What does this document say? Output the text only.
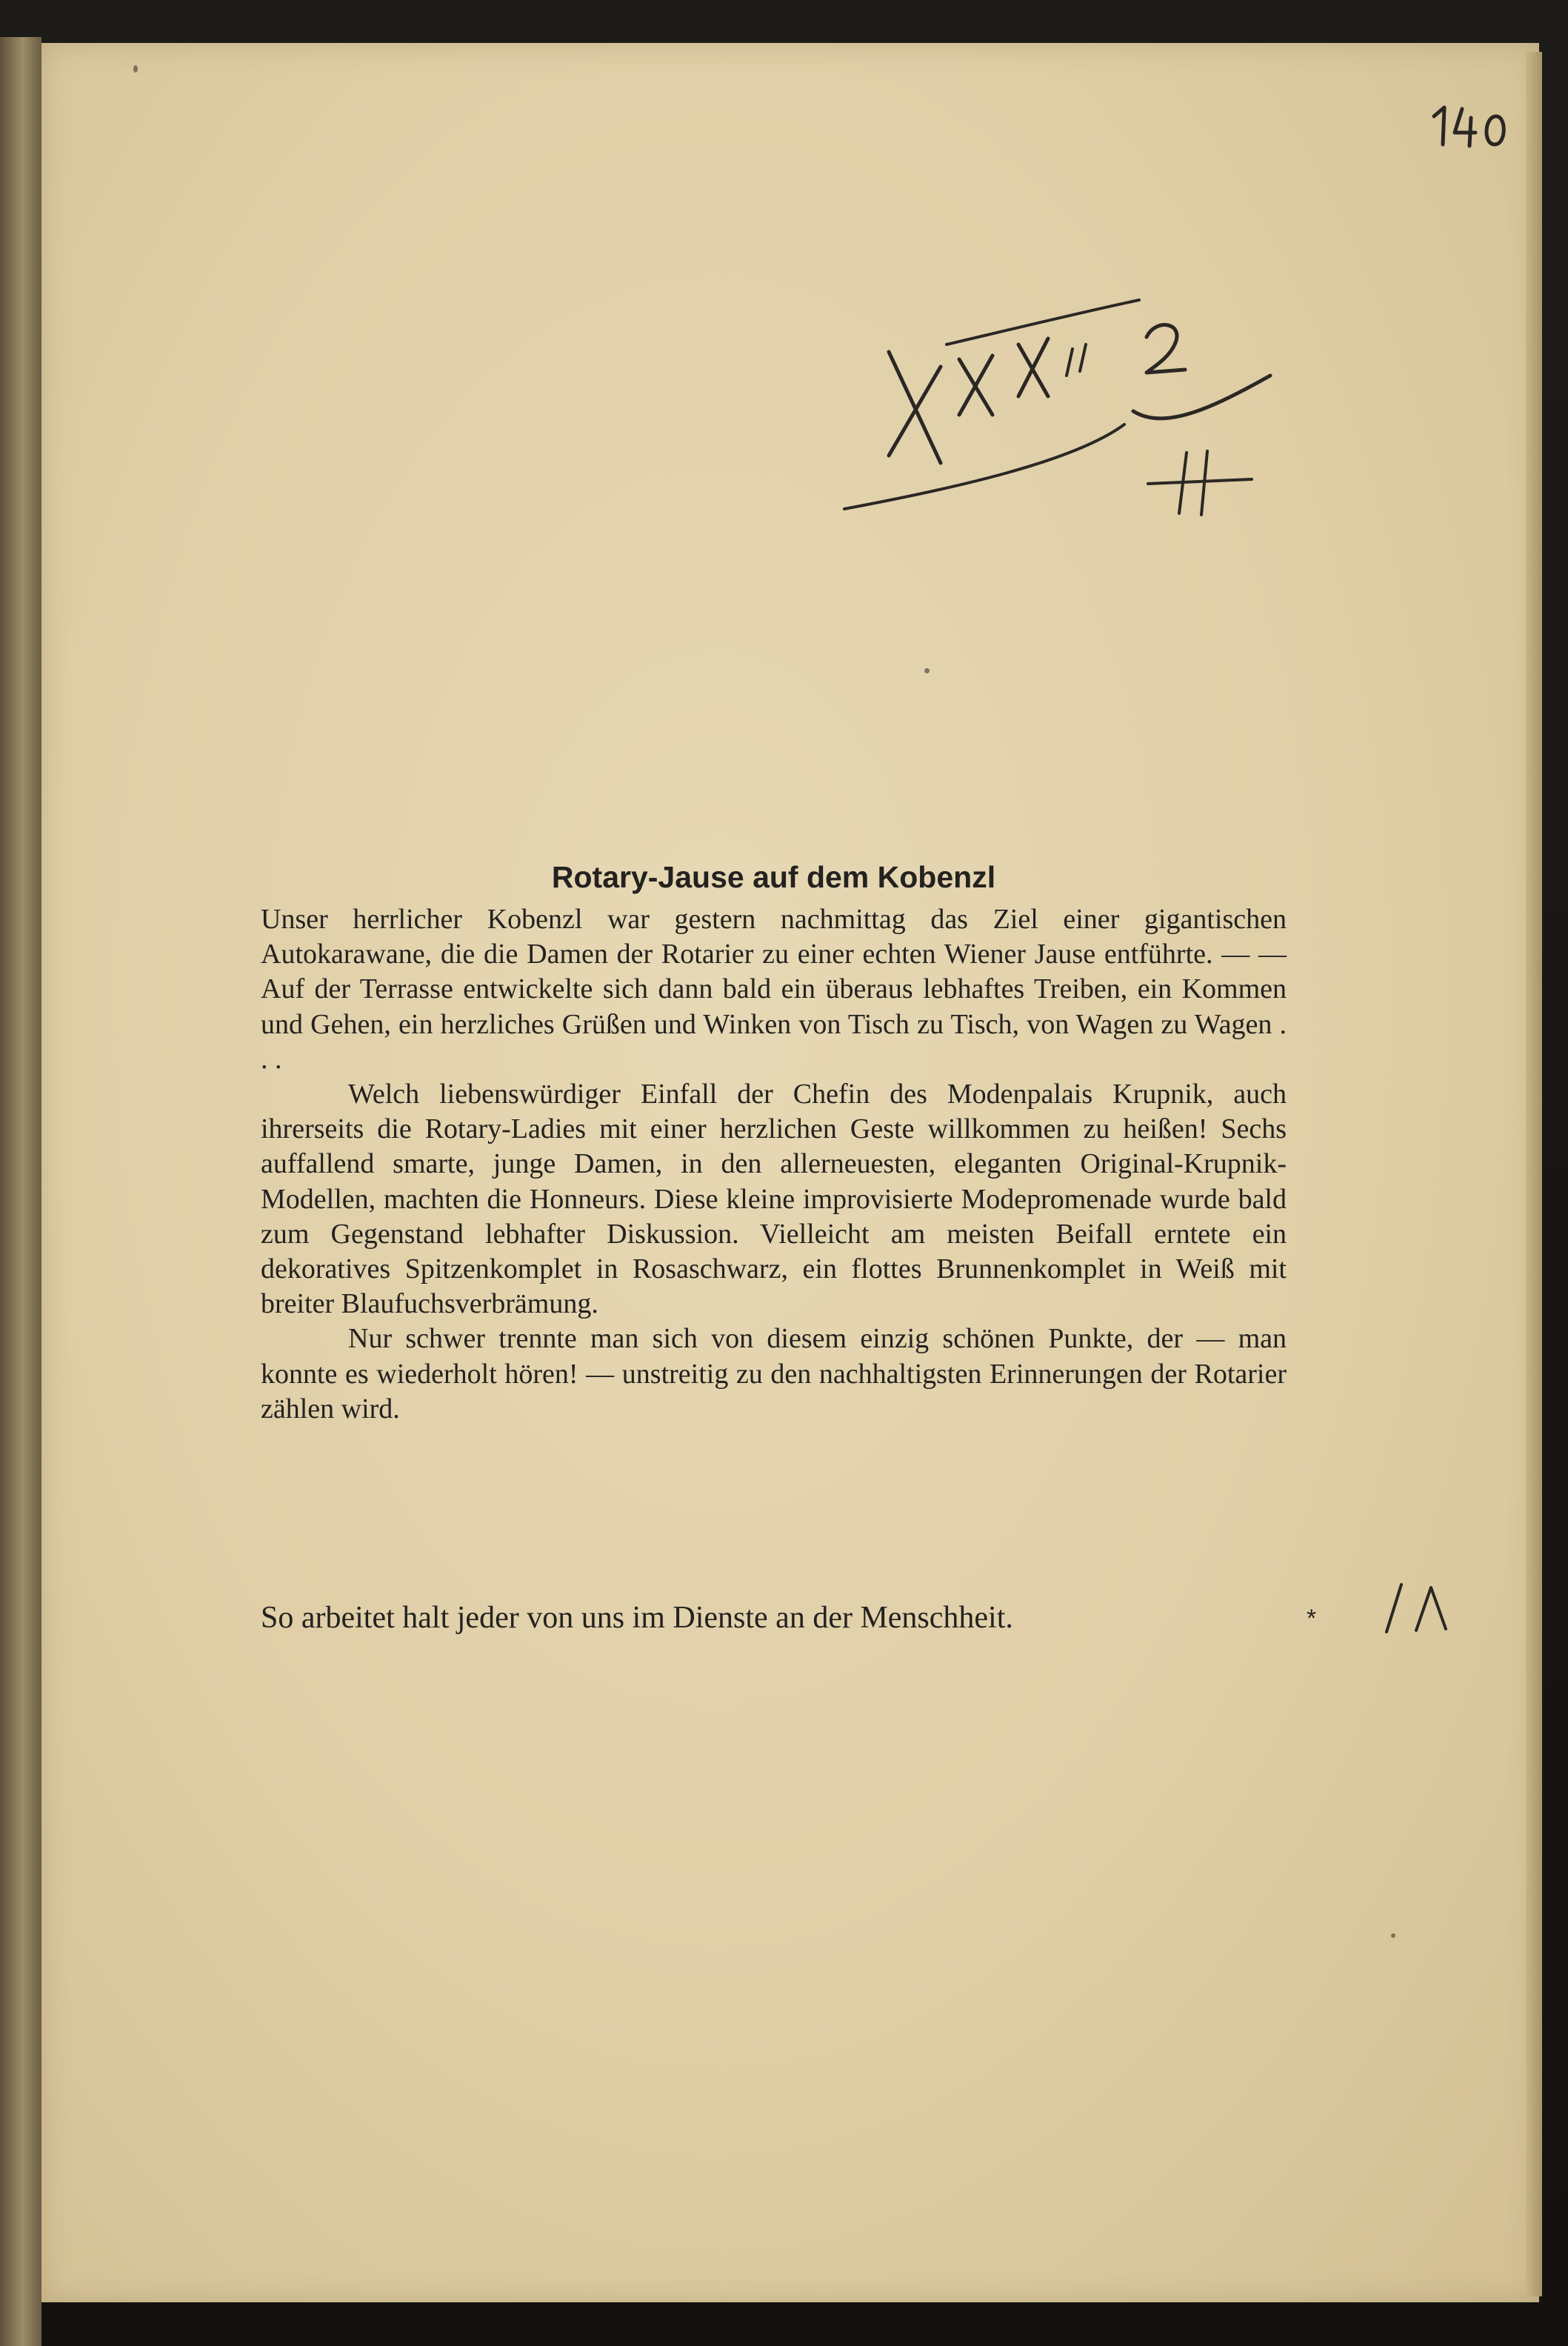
Rotary-Jause auf dem Kobenzl

Unser herrlicher Kobenzl war gestern nachmittag das Ziel einer gigantischen Autokarawane, die die Damen der Rotarier zu einer echten Wiener Jause entführte. — — Auf der Terrasse entwickelte sich dann bald ein überaus lebhaftes Treiben, ein Kommen und Gehen, ein herzliches Grüßen und Winken von Tisch zu Tisch, von Wagen zu Wagen . . .

Welch liebenswürdiger Einfall der Chefin des Modenpalais Krupnik, auch ihrerseits die Rotary-Ladies mit einer herzlichen Geste willkommen zu heißen! Sechs auffallend smarte, junge Damen, in den allerneuesten, eleganten Original-Krupnik-Modellen, machten die Honneurs. Diese kleine improvisierte Modepromenade wurde bald zum Gegenstand lebhafter Diskussion. Vielleicht am meisten Beifall erntete ein dekoratives Spitzenkomplet in Rosaschwarz, ein flottes Brunnenkomplet in Weiß mit breiter Blaufuchsverbrämung.

Nur schwer trennte man sich von diesem einzig schönen Punkte, der — man konnte es wiederholt hören! — unstreitig zu den nachhaltigsten Erinnerungen der Rotarier zählen wird.

So arbeitet halt jeder von uns im Dienste an der Menschheit.	*
